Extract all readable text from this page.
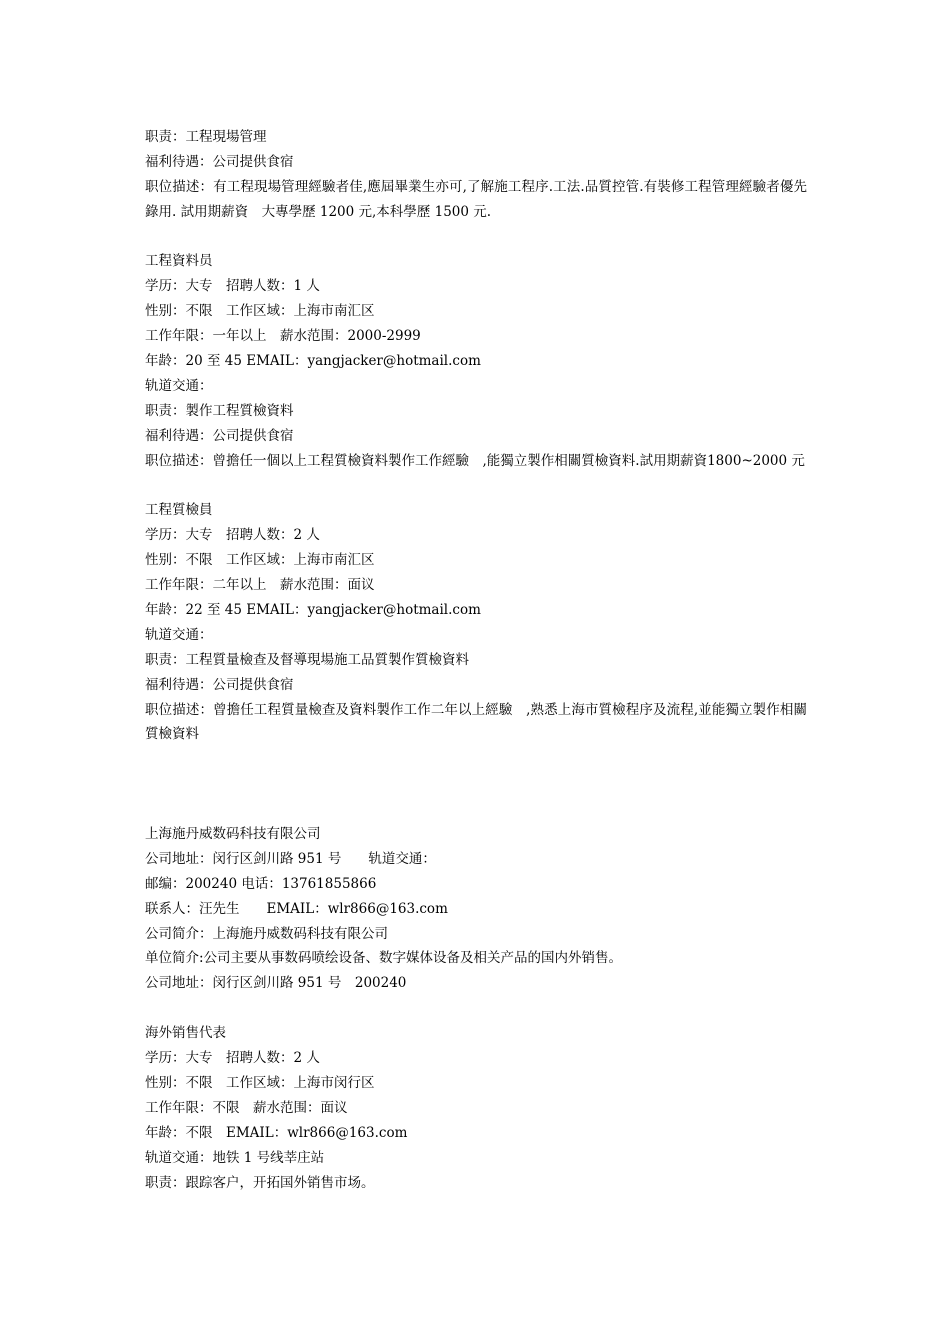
职责：工程現場管理
福利待遇：公司提供食宿
职位描述：有工程現場管理經驗者佳,應屆畢業生亦可,了解施工程序.工法.品質控管.有裝修工程管理經驗者優先錄用. 試用期薪資　大專學歷 1200 元,本科學歷 1500 元.
工程資料员
学历：大专　招聘人数：1 人
性别：不限　工作区域：上海市南汇区
工作年限：一年以上　薪水范围：2000-2999
年龄：20 至 45 EMAIL：yangjacker@hotmail.com
轨道交通：
职责：製作工程質檢資料
福利待遇：公司提供食宿
职位描述：曾擔任一個以上工程質檢資料製作工作經驗　,能獨立製作相關質檢資料.試用期薪資1800~2000 元
工程質檢員
学历：大专　招聘人数：2 人
性别：不限　工作区域：上海市南汇区
工作年限：二年以上　薪水范围：面议
年龄：22 至 45 EMAIL：yangjacker@hotmail.com
轨道交通：
职责：工程質量檢查及督導現場施工品質製作質檢資料
福利待遇：公司提供食宿
职位描述：曾擔任工程質量檢查及資料製作工作二年以上經驗　,熟悉上海市質檢程序及流程,並能獨立製作相關質檢資料
上海施丹威数码科技有限公司
公司地址：闵行区剑川路 951 号　　轨道交通：
邮编：200240 电话：13761855866
联系人：汪先生　　EMAIL：wlr866@163.com
公司简介：上海施丹威数码科技有限公司
单位简介:公司主要从事数码喷绘设备、数字媒体设备及相关产品的国内外销售。
公司地址：闵行区剑川路 951 号　200240
海外销售代表
学历：大专　招聘人数：2 人
性别：不限　工作区域：上海市闵行区
工作年限：不限　薪水范围：面议
年龄：不限　EMAIL：wlr866@163.com
轨道交通：地铁 1 号线莘庄站
职责：跟踪客户，开拓国外销售市场。
